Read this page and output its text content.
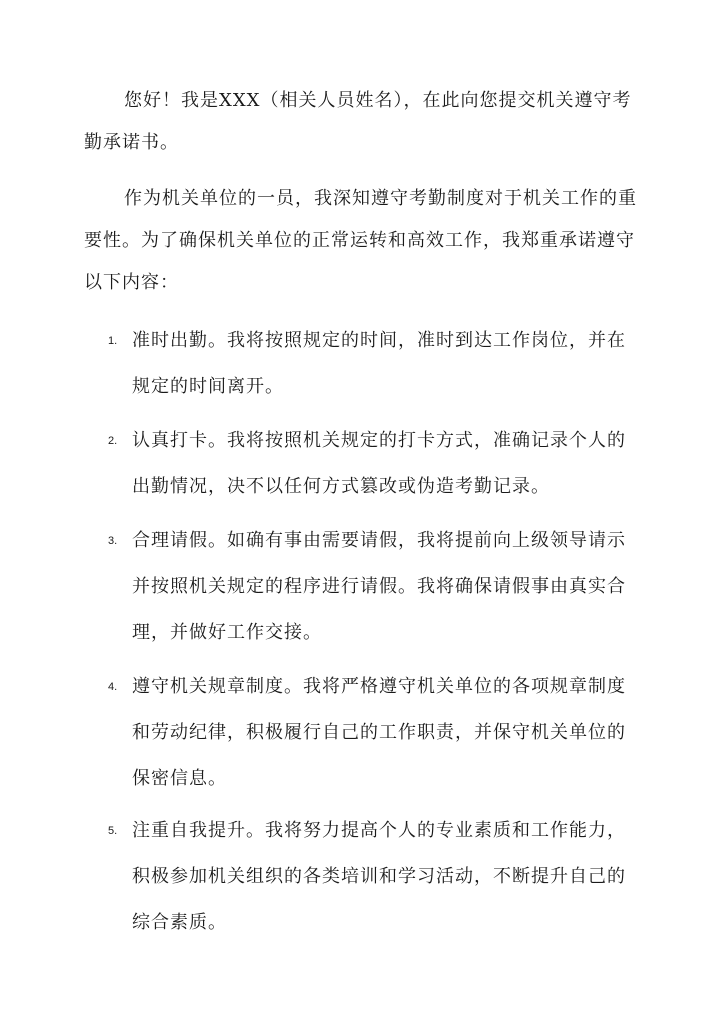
您好！我是XXX（相关人员姓名），在此向您提交机关遵守考勤承诺书。

作为机关单位的一员，我深知遵守考勤制度对于机关工作的重要性。为了确保机关单位的正常运转和高效工作，我郑重承诺遵守以下内容：

1. 准时出勤。我将按照规定的时间，准时到达工作岗位，并在规定的时间离开。

2. 认真打卡。我将按照机关规定的打卡方式，准确记录个人的出勤情况，决不以任何方式篡改或伪造考勤记录。

3. 合理请假。如确有事由需要请假，我将提前向上级领导请示并按照机关规定的程序进行请假。我将确保请假事由真实合理，并做好工作交接。

4. 遵守机关规章制度。我将严格遵守机关单位的各项规章制度和劳动纪律，积极履行自己的工作职责，并保守机关单位的保密信息。

5. 注重自我提升。我将努力提高个人的专业素质和工作能力，积极参加机关组织的各类培训和学习活动，不断提升自己的综合素质。
